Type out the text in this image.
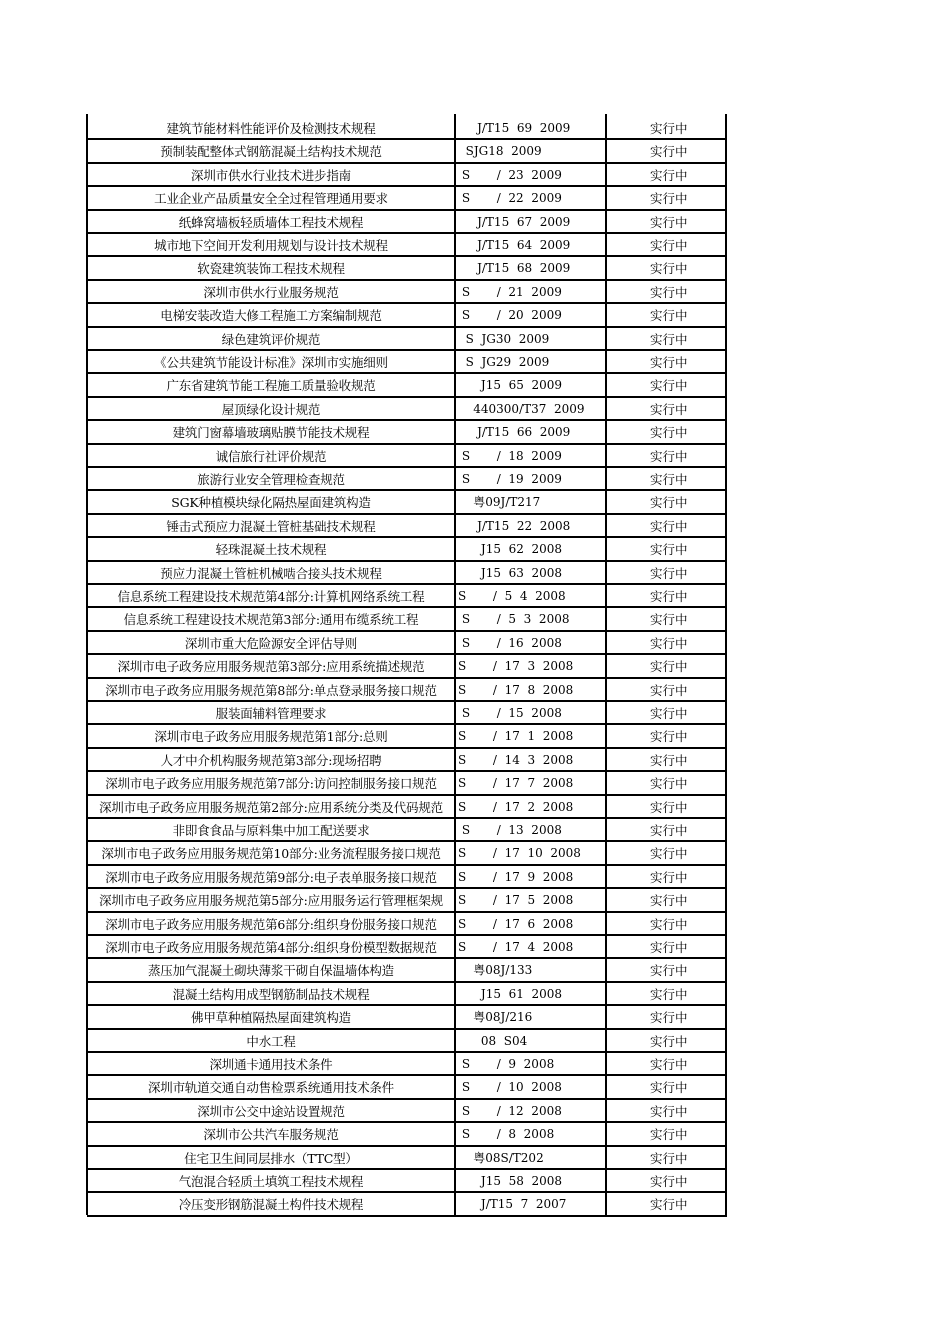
建筑节能材料性能评价及检测技术规程	J/T15  69  2009	实行中
预制装配整体式钢筋混凝土结构技术规范	SJG18  2009	实行中
深圳市供水行业技术进步指南	S       /  23  2009	实行中
工业企业产品质量安全全过程管理通用要求	S       /  22  2009	实行中
纸蜂窝墙板轻质墙体工程技术规程	J/T15  67  2009	实行中
城市地下空间开发利用规划与设计技术规程	J/T15  64  2009	实行中
软瓷建筑装饰工程技术规程	J/T15  68  2009	实行中
深圳市供水行业服务规范	S       /  21  2009	实行中
电梯安装改造大修工程施工方案编制规范	S       /  20  2009	实行中
绿色建筑评价规范	S  JG30  2009	实行中
《公共建筑节能设计标准》深圳市实施细则	S  JG29  2009	实行中
广东省建筑节能工程施工质量验收规范	J15  65  2009	实行中
屋顶绿化设计规范	440300/T37  2009	实行中
建筑门窗幕墙玻璃贴膜节能技术规程	J/T15  66  2009	实行中
诚信旅行社评价规范	S       /  18  2009	实行中
旅游行业安全管理检查规范	S       /  19  2009	实行中
SGK种植模块绿化隔热屋面建筑构造	粤09J/T217	实行中
锤击式预应力混凝土管桩基础技术规程	J/T15  22  2008	实行中
轻珠混凝土技术规程	J15  62  2008	实行中
预应力混凝土管桩机械啮合接头技术规程	J15  63  2008	实行中
信息系统工程建设技术规范第4部分:计算机网络系统工程	S       /  5  4  2008	实行中
信息系统工程建设技术规范第3部分:通用布缆系统工程	S       /  5  3  2008	实行中
深圳市重大危险源安全评估导则	S       /  16  2008	实行中
深圳市电子政务应用服务规范第3部分:应用系统描述规范	S       /  17  3  2008	实行中
深圳市电子政务应用服务规范第8部分:单点登录服务接口规范	S       /  17  8  2008	实行中
服装面辅料管理要求	S       /  15  2008	实行中
深圳市电子政务应用服务规范第1部分:总则	S       /  17  1  2008	实行中
人才中介机构服务规范第3部分:现场招聘	S       /  14  3  2008	实行中
深圳市电子政务应用服务规范第7部分:访问控制服务接口规范	S       /  17  7  2008	实行中
深圳市电子政务应用服务规范第2部分:应用系统分类及代码规范	S       /  17  2  2008	实行中
非即食食品与原料集中加工配送要求	S       /  13  2008	实行中
深圳市电子政务应用服务规范第10部分:业务流程服务接口规范	S       /  17  10  2008	实行中
深圳市电子政务应用服务规范第9部分:电子表单服务接口规范	S       /  17  9  2008	实行中
深圳市电子政务应用服务规范第5部分:应用服务运行管理框架规	S       /  17  5  2008	实行中
深圳市电子政务应用服务规范第6部分:组织身份服务接口规范	S       /  17  6  2008	实行中
深圳市电子政务应用服务规范第4部分:组织身份模型数据规范	S       /  17  4  2008	实行中
蒸压加气混凝土砌块薄浆干砌自保温墙体构造	粤08J/133	实行中
混凝土结构用成型钢筋制品技术规程	J15  61  2008	实行中
佛甲草种植隔热屋面建筑构造	粤08J/216	实行中
中水工程	08  S04	实行中
深圳通卡通用技术条件	S       /  9  2008	实行中
深圳市轨道交通自动售检票系统通用技术条件	S       /  10  2008	实行中
深圳市公交中途站设置规范	S       /  12  2008	实行中
深圳市公共汽车服务规范	S       /  8  2008	实行中
住宅卫生间同层排水（TTC型）	粤08S/T202	实行中
气泡混合轻质土填筑工程技术规程	J15  58  2008	实行中
冷压变形钢筋混凝土构件技术规程	J/T15  7  2007	实行中
